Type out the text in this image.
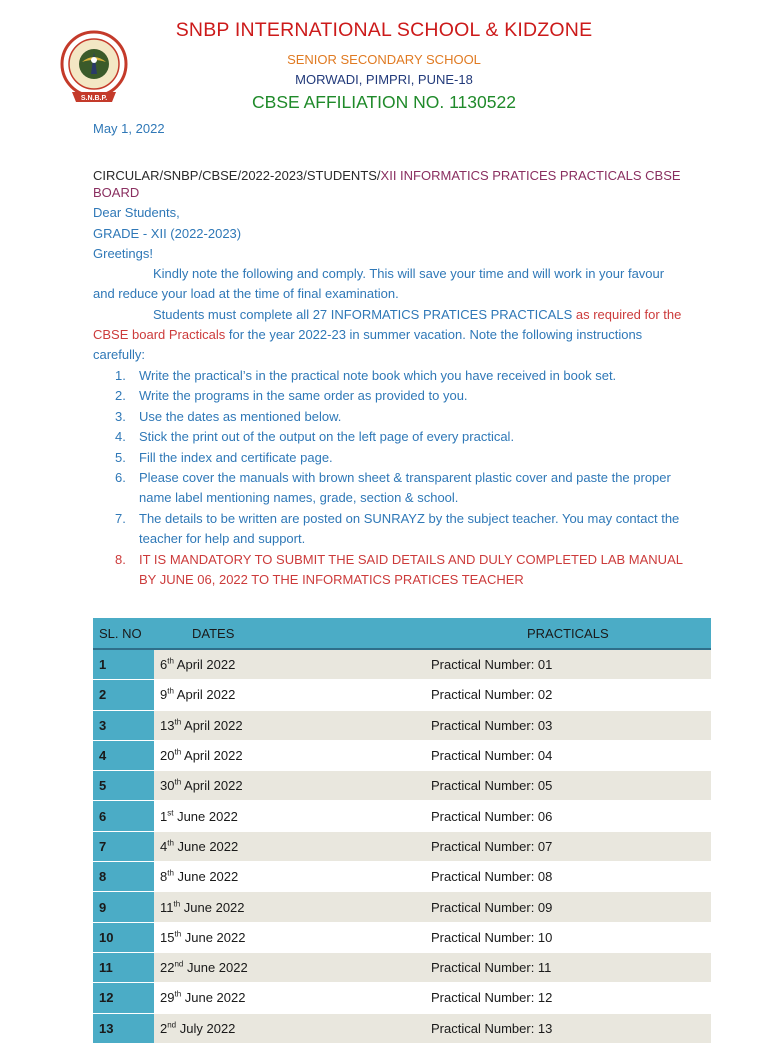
S.N.B.P.
SNBP INTERNATIONAL SCHOOL & KIDZONE
SENIOR SECONDARY SCHOOL
MORWADI, PIMPRI, PUNE-18
CBSE AFFILIATION NO. 1130522
May 1, 2022
CIRCULAR/SNBP/CBSE/2022-2023/STUDENTS/XII INFORMATICS PRATICES PRACTICALS CBSE BOARD
Dear Students,
GRADE - XII (2022-2023)
Greetings!
Kindly note the following and comply. This will save your time and will work in your favour and reduce your load at the time of final examination.
Students must complete all 27 INFORMATICS PRATICES PRACTICALS as required for the CBSE board Practicals for the year 2022-23 in summer vacation. Note the following instructions carefully:
1. Write the practical’s in the practical note book which you have received in book set.
2. Write the programs in the same order as provided to you.
3. Use the dates as mentioned below.
4. Stick the print out of the output on the left page of every practical.
5. Fill the index and certificate page.
6. Please cover the manuals with brown sheet & transparent plastic cover and paste the proper name label mentioning names, grade, section & school.
7. The details to be written are posted on SUNRAYZ by the subject teacher. You may contact the teacher for help and support.
8. IT IS MANDATORY TO SUBMIT THE SAID DETAILS AND DULY COMPLETED LAB MANUAL BY JUNE 06, 2022 TO THE INFORMATICS PRATICES TEACHER
SL. NO	DATES	PRACTICALS
1	6th April 2022	Practical Number: 01
2	9th April 2022	Practical Number: 02
3	13th April 2022	Practical Number: 03
4	20th April 2022	Practical Number: 04
5	30th April 2022	Practical Number: 05
6	1st June 2022	Practical Number: 06
7	4th June 2022	Practical Number: 07
8	8th June 2022	Practical Number: 08
9	11th June 2022	Practical Number: 09
10	15th June 2022	Practical Number: 10
11	22nd June 2022	Practical Number: 11
12	29th June 2022	Practical Number: 12
13	2nd July 2022	Practical Number: 13
